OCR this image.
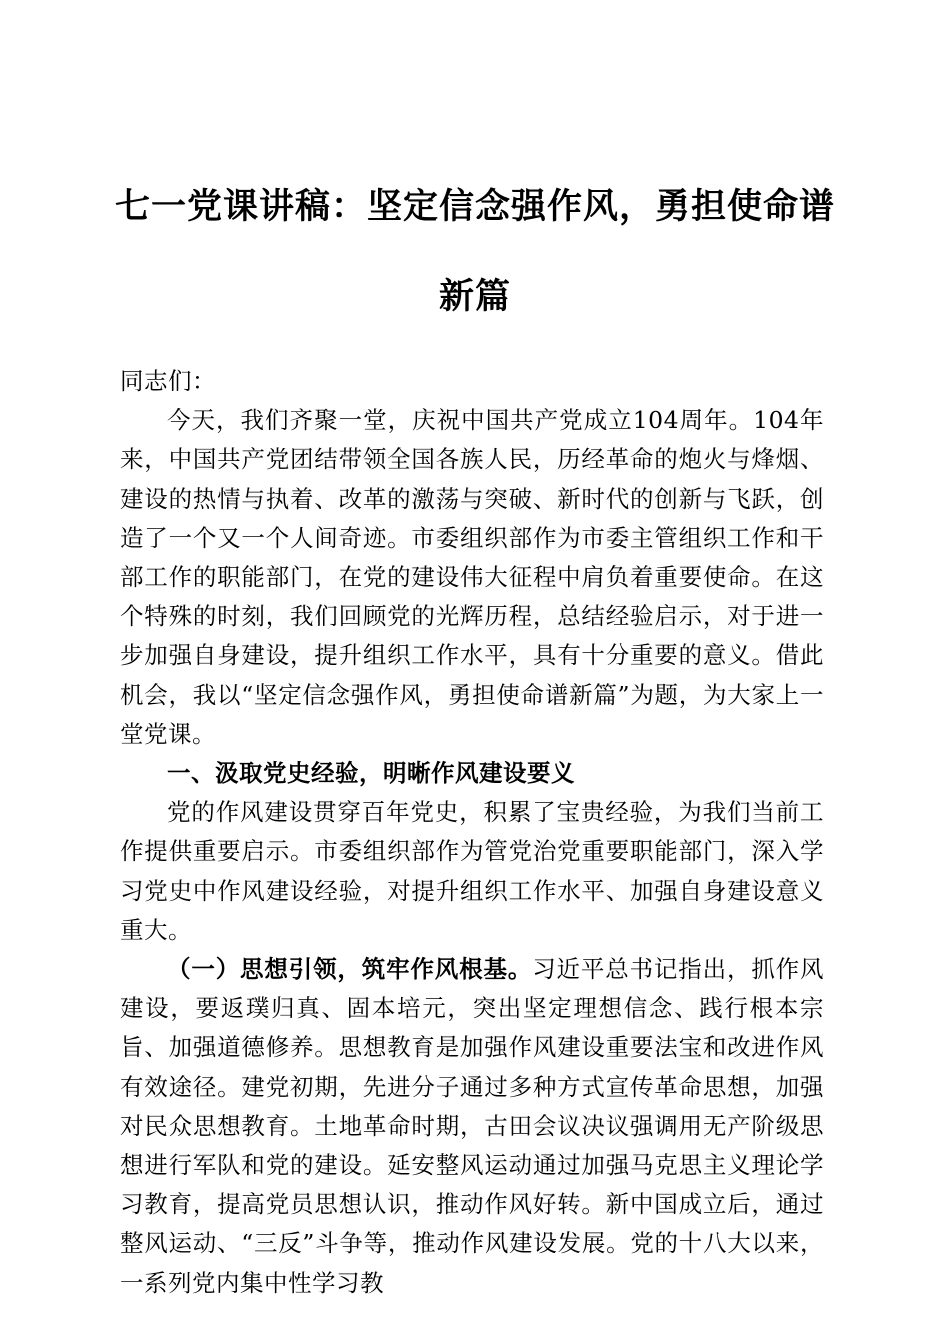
七一党课讲稿：坚定信念强作风，勇担使命谱新篇

同志们：

今天，我们齐聚一堂，庆祝中国共产党成立104周年。104年来，中国共产党团结带领全国各族人民，历经革命的炮火与烽烟、建设的热情与执着、改革的激荡与突破、新时代的创新与飞跃，创造了一个又一个人间奇迹。市委组织部作为市委主管组织工作和干部工作的职能部门，在党的建设伟大征程中肩负着重要使命。在这个特殊的时刻，我们回顾党的光辉历程，总结经验启示，对于进一步加强自身建设，提升组织工作水平，具有十分重要的意义。借此机会，我以“坚定信念强作风，勇担使命谱新篇”为题，为大家上一堂党课。

一、汲取党史经验，明晰作风建设要义

党的作风建设贯穿百年党史，积累了宝贵经验，为我们当前工作提供重要启示。市委组织部作为管党治党重要职能部门，深入学习党史中作风建设经验，对提升组织工作水平、加强自身建设意义重大。

（一）思想引领，筑牢作风根基。习近平总书记指出，抓作风建设，要返璞归真、固本培元，突出坚定理想信念、践行根本宗旨、加强道德修养。思想教育是加强作风建设重要法宝和改进作风有效途径。建党初期，先进分子通过多种方式宣传革命思想，加强对民众思想教育。土地革命时期，古田会议决议强调用无产阶级思想进行军队和党的建设。延安整风运动通过加强马克思主义理论学习教育，提高党员思想认识，推动作风好转。新中国成立后，通过整风运动、“三反”斗争等，推动作风建设发展。党的十八大以来，一系列党内集中性学习教
